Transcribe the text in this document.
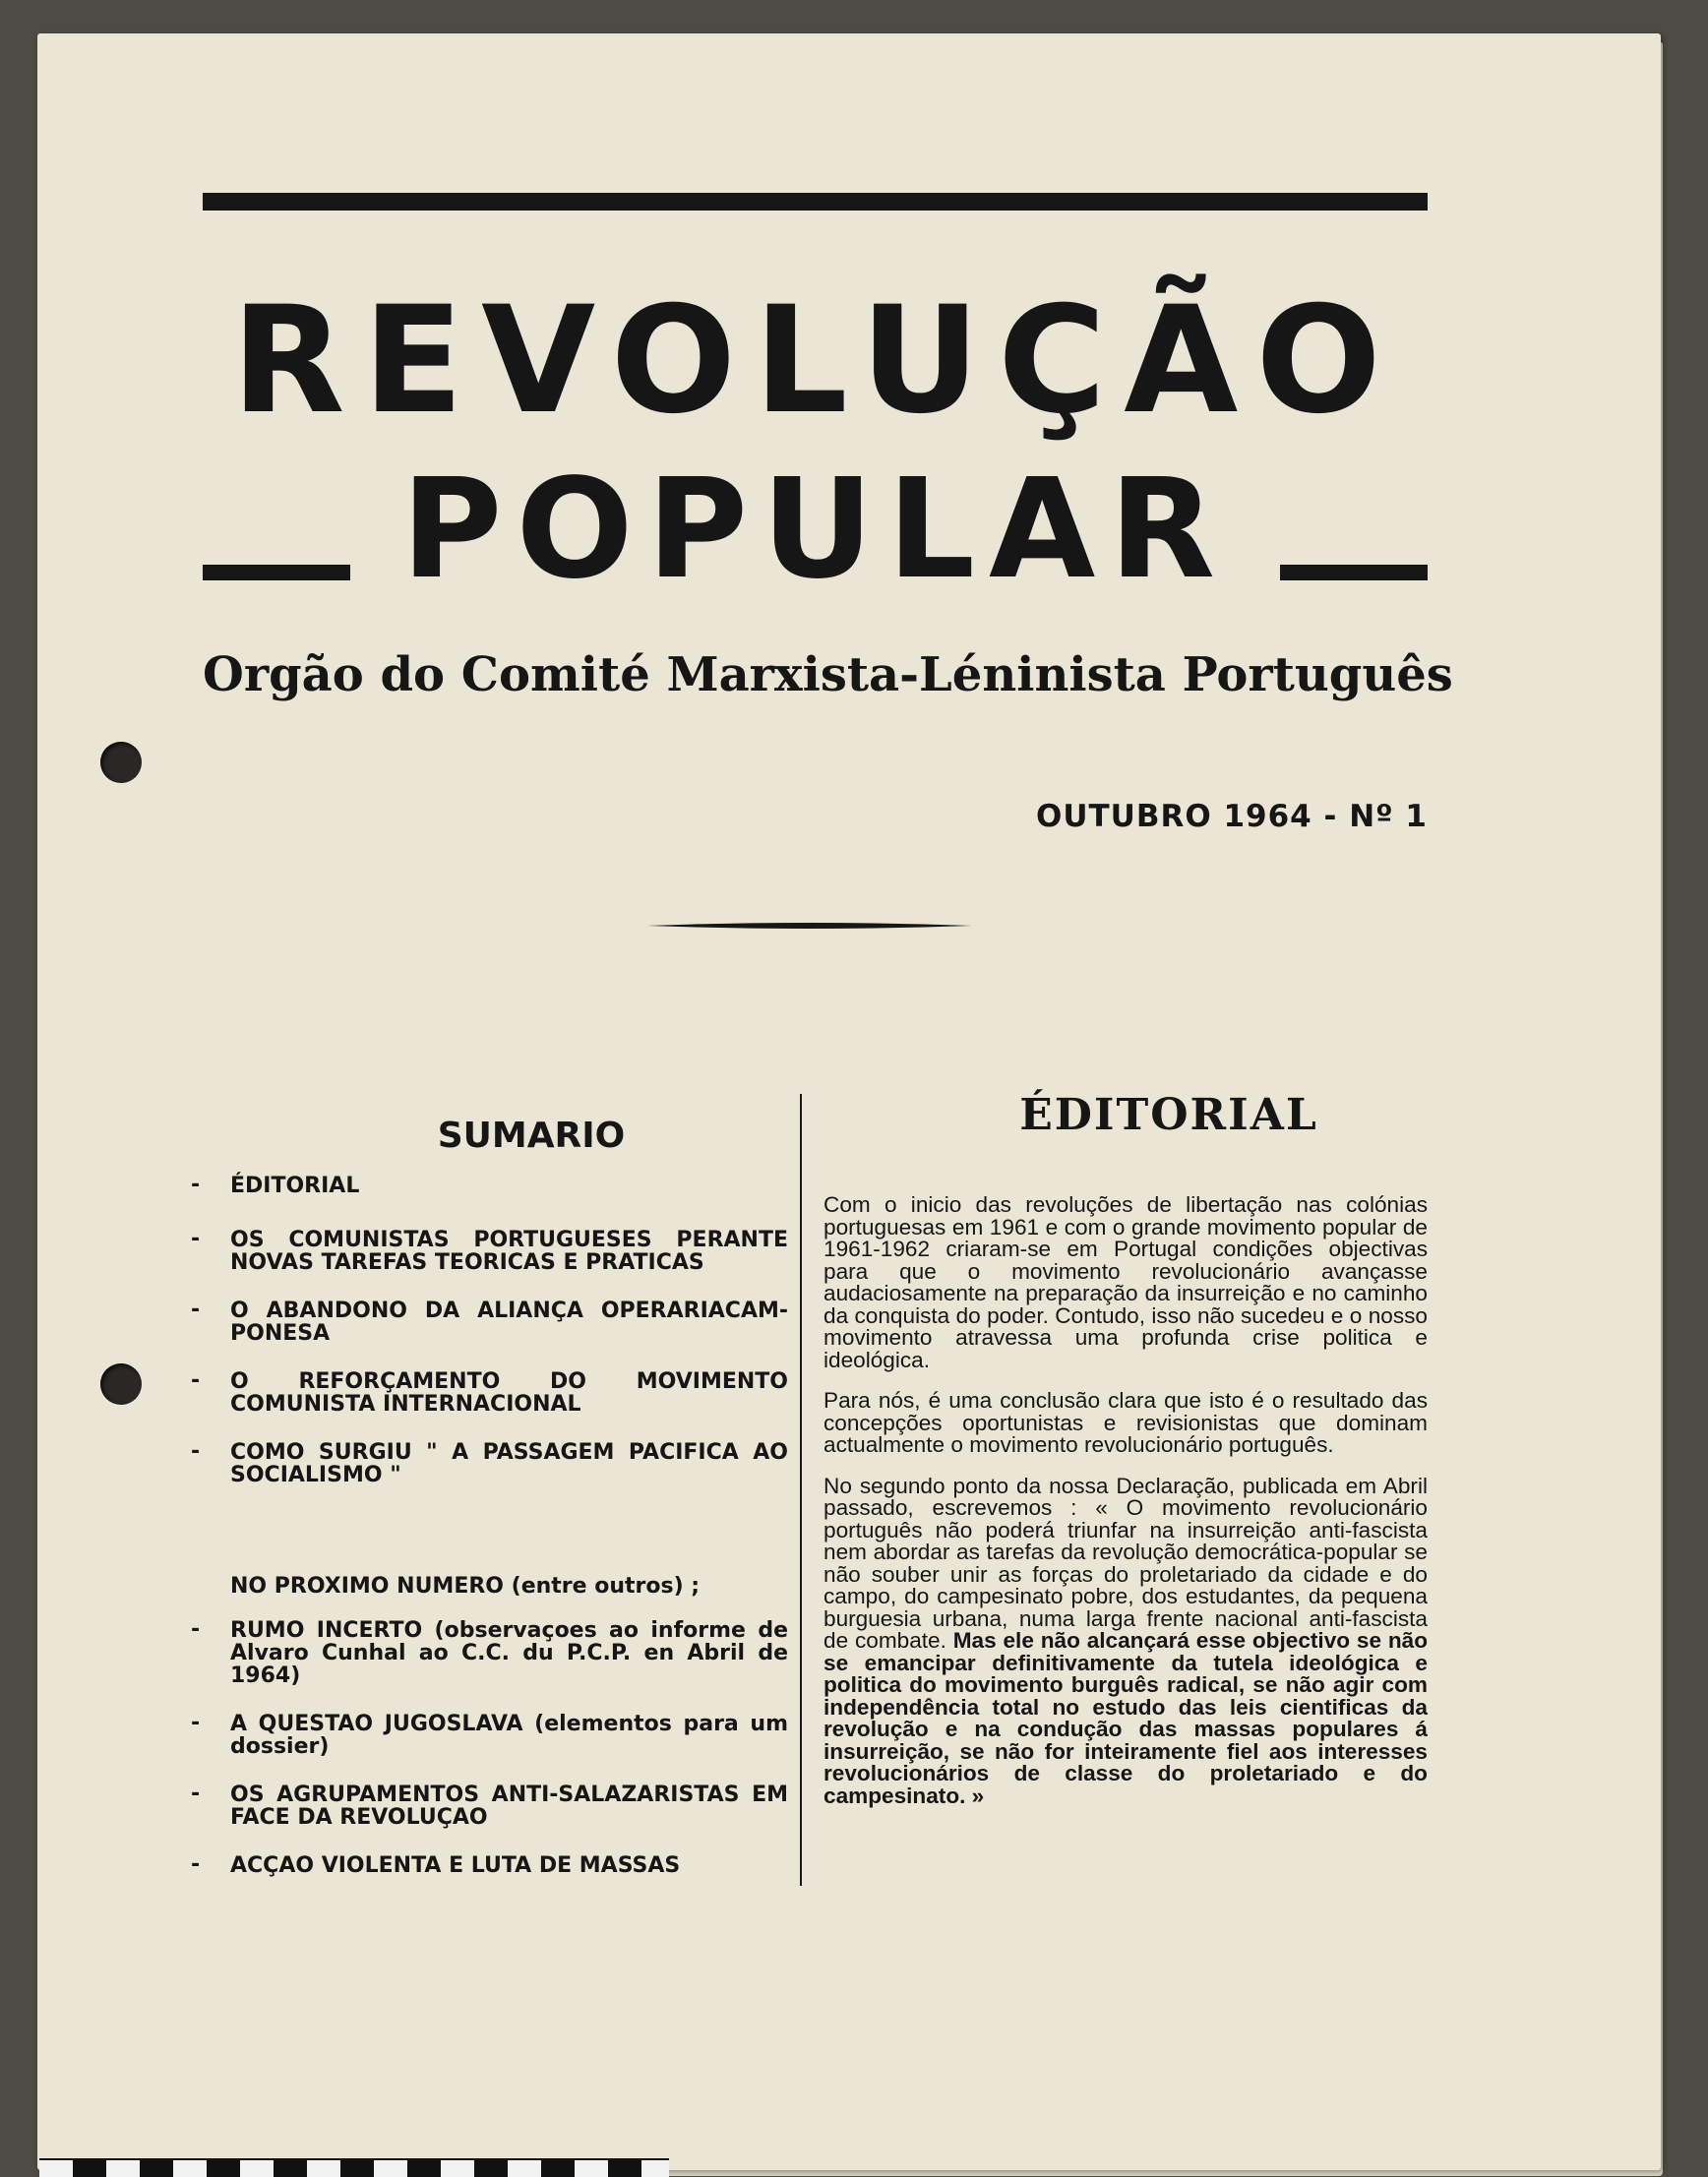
REVOLUÇÃO
POPULAR
Orgão do Comité Marxista-Léninista Português
OUTUBRO 1964 - Nº 1
SUMARIO
- ÉDITORIAL
- OS COMUNISTAS PORTUGUESES PERANTE NOVAS TAREFAS TEORICAS E PRATICAS
- O ABANDONO DA ALIANÇA OPERARIACAM-PONESA
- O REFORÇAMENTO DO MOVIMENTO COMUNISTA INTERNACIONAL
- COMO SURGIU " A PASSAGEM PACIFICA AO SOCIALISMO "
NO PROXIMO NUMERO (entre outros) ;
- RUMO INCERTO (observaçoes ao informe de Alvaro Cunhal ao C.C. du P.C.P. en Abril de 1964)
- A QUESTAO JUGOSLAVA (elementos para um dossier)
- OS AGRUPAMENTOS ANTI-SALAZARISTAS EM FACE DA REVOLUÇAO
- ACÇAO VIOLENTA E LUTA DE MASSAS
ÉDITORIAL

Com o inicio das revoluções de libertação nas colónias portuguesas em 1961 e com o grande movimento popular de 1961-1962 criaram-se em Portugal condições objectivas para que o movimento revolucionário avançasse audaciosamente na preparação da insurreição e no caminho da conquista do poder. Contudo, isso não sucedeu e o nosso movimento atravessa uma profunda crise politica e ideológica.

Para nós, é uma conclusão clara que isto é o resultado das concepções oportunistas e revisionistas que dominam actualmente o movimento revolucionário português.

No segundo ponto da nossa Declaração, publicada em Abril passado, escrevemos : « O movimento revolucionário português não poderá triunfar na insurreição anti-fascista nem abordar as tarefas da revolução democrática-popular se não souber unir as forças do proletariado da cidade e do campo, do campesinato pobre, dos estudantes, da pequena burguesia urbana, numa larga frente nacional anti-fascista de combate. Mas ele não alcançará esse objectivo se não se emancipar definitivamente da tutela ideológica e politica do movimento burguês radical, se não agir com independência total no estudo das leis cientificas da revolução e na condução das massas populares á insurreição, se não for inteiramente fiel aos interesses revolucionários de classe do proletariado e do campesinato. »
